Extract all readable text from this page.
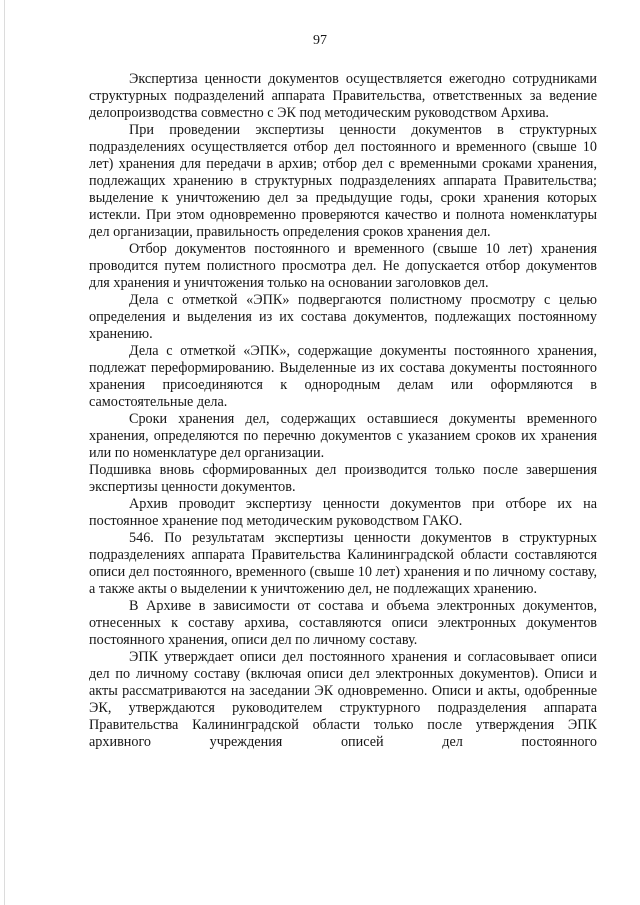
97

Экспертиза ценности документов осуществляется ежегодно сотрудниками структурных подразделений аппарата Правительства, ответственных за ведение делопроизводства совместно с ЭК под методическим руководством Архива.

При проведении экспертизы ценности документов в структурных подразделениях осуществляется отбор дел постоянного и временного (свыше 10 лет) хранения для передачи в архив; отбор дел с временными сроками хранения, подлежащих хранению в структурных подразделениях аппарата Правительства; выделение к уничтожению дел за предыдущие годы, сроки хранения которых истекли. При этом одновременно проверяются качество и полнота номенклатуры дел организации, правильность определения сроков хранения дел.

Отбор документов постоянного и временного (свыше 10 лет) хранения проводится путем полистного просмотра дел. Не допускается отбор документов для хранения и уничтожения только на основании заголовков дел.

Дела с отметкой «ЭПК» подвергаются полистному просмотру с целью определения и выделения из их состава документов, подлежащих постоянному хранению.

Дела с отметкой «ЭПК», содержащие документы постоянного хранения, подлежат переформированию. Выделенные из их состава документы постоянного хранения присоединяются к однородным делам или оформляются в самостоятельные дела.

Сроки хранения дел, содержащих оставшиеся документы временного хранения, определяются по перечню документов с указанием сроков их хранения или по номенклатуре дел организации.

Подшивка вновь сформированных дел производится только после завершения экспертизы ценности документов.

Архив проводит экспертизу ценности документов при отборе их на постоянное хранение под методическим руководством ГАКО.

546. По результатам экспертизы ценности документов в структурных подразделениях аппарата Правительства Калининградской области составляются описи дел постоянного, временного (свыше 10 лет) хранения и по личному составу, а также акты о выделении к уничтожению дел, не подлежащих хранению.

В Архиве в зависимости от состава и объема электронных документов, отнесенных к составу архива, составляются описи электронных документов постоянного хранения, описи дел по личному составу.

ЭПК утверждает описи дел постоянного хранения и согласовывает описи дел по личному составу (включая описи дел электронных документов). Описи и акты рассматриваются на заседании ЭК одновременно. Описи и акты, одобренные ЭК, утверждаются руководителем структурного подразделения аппарата Правительства Калининградской области только после утверждения ЭПК архивного учреждения описей дел постоянного
